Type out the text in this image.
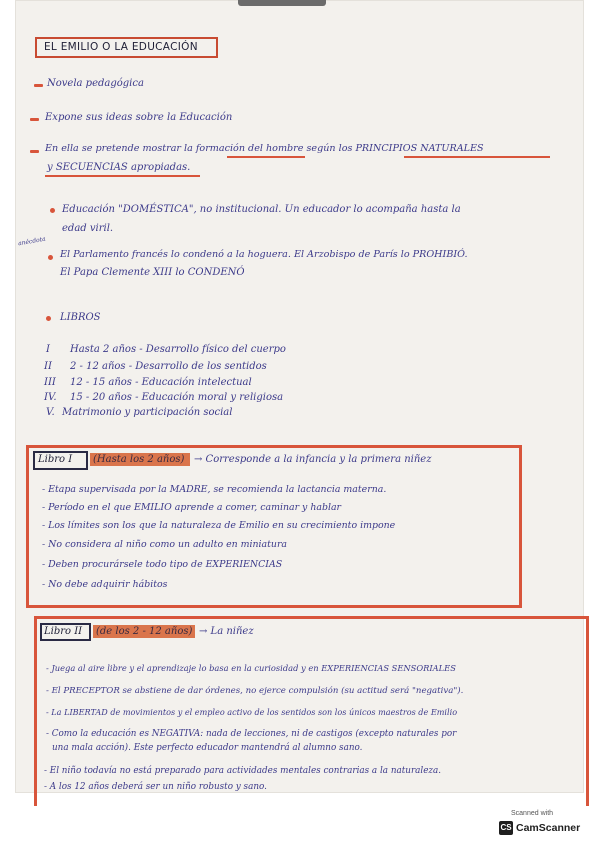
EL EMILIO O LA EDUCACIÓN
Novela pedagógica
Expone sus ideas sobre la Educación
En ella se pretende mostrar la formación del hombre según los PRINCIPIOS NATURALES
y SECUENCIAS apropiadas.
Educación "DOMÉSTICA", no institucional. Un educador lo acompaña hasta la
edad viril.
anécdota
El Parlamento francés lo condenó a la hoguera. El Arzobispo de París lo PROHIBIÓ.
El Papa Clemente XIII lo CONDENÓ
LIBROS
I Hasta 2 años - Desarrollo físico del cuerpo
II 2 - 12 años - Desarrollo de los sentidos
III 12 - 15 años - Educación intelectual
IV. 15 - 20 años - Educación moral y religiosa
V. Matrimonio y participación social
Libro I (Hasta los 2 años) → Corresponde a la infancia y la primera niñez
- Etapa supervisada por la MADRE, se recomienda la lactancia materna.
- Período en el que EMILIO aprende a comer, caminar y hablar
- Los límites son los que la naturaleza de Emilio en su crecimiento impone
- No considera al niño como un adulto en miniatura
- Deben procurársele todo tipo de EXPERIENCIAS
- No debe adquirir hábitos
Libro II (de los 2 - 12 años) → La niñez
- Juega al aire libre y el aprendizaje lo basa en la curiosidad y en EXPERIENCIAS SENSORIALES
- El PRECEPTOR se abstiene de dar órdenes, no ejerce compulsión (su actitud será "negativa").
- La LIBERTAD de movimientos y el empleo activo de los sentidos son los únicos maestros de Emilio
- Como la educación es NEGATIVA: nada de lecciones, ni de castigos (excepto naturales por
una mala acción). Este perfecto educador mantendrá al alumno sano.
- El niño todavía no está preparado para actividades mentales contrarias a la naturaleza.
- A los 12 años deberá ser un niño robusto y sano.
Scanned with
CS CamScanner
